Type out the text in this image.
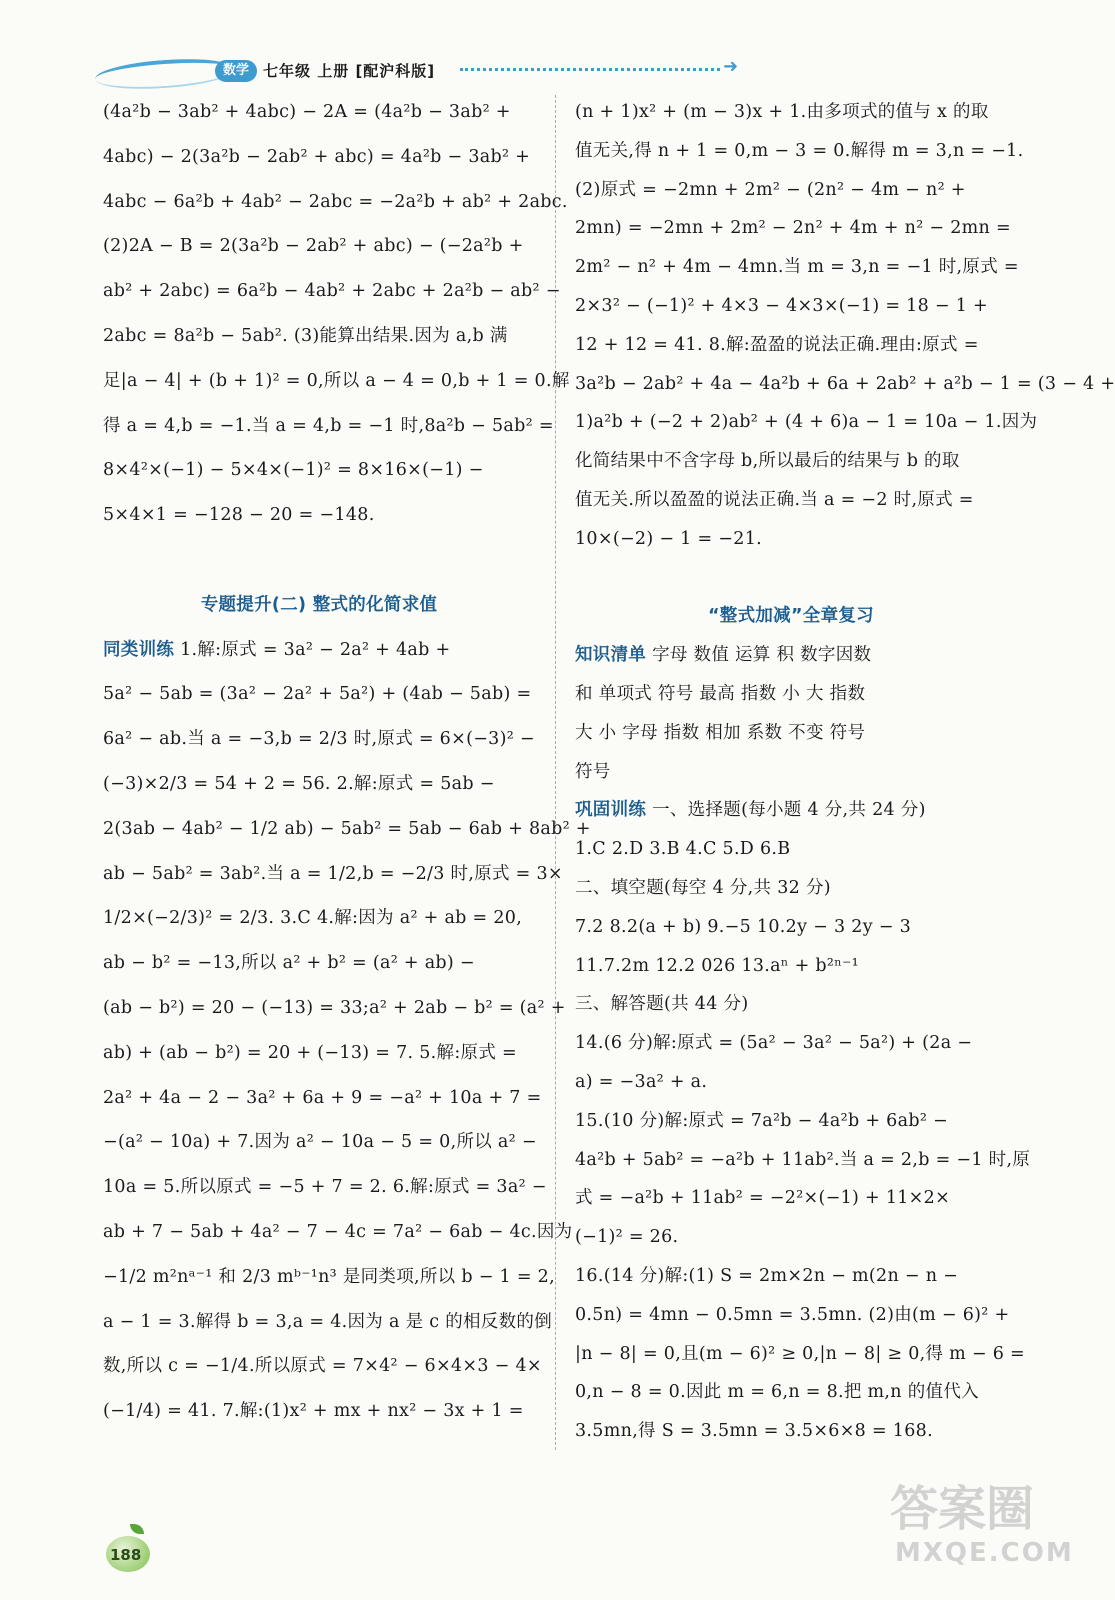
数学 七年级 上册 [配沪科版]	➜
(4a²b − 3ab² + 4abc) − 2A = (4a²b − 3ab² +
4abc) − 2(3a²b − 2ab² + abc) = 4a²b − 3ab² +
4abc − 6a²b + 4ab² − 2abc = −2a²b + ab² + 2abc.
(2)2A − B = 2(3a²b − 2ab² + abc) − (−2a²b +
ab² + 2abc) = 6a²b − 4ab² + 2abc + 2a²b − ab² −
2abc = 8a²b − 5ab². (3)能算出结果.因为 a,b 满
足|a − 4| + (b + 1)² = 0,所以 a − 4 = 0,b + 1 = 0.解
得 a = 4,b = −1.当 a = 4,b = −1 时,8a²b − 5ab² =
8×4²×(−1) − 5×4×(−1)² = 8×16×(−1) −
5×4×1 = −128 − 20 = −148.
专题提升(二) 整式的化简求值
同类训练 1.解:原式 = 3a² − 2a² + 4ab +
5a² − 5ab = (3a² − 2a² + 5a²) + (4ab − 5ab) =
6a² − ab.当 a = −3,b = 2/3 时,原式 = 6×(−3)² −
(−3)×2/3 = 54 + 2 = 56. 2.解:原式 = 5ab −
2(3ab − 4ab² − 1/2 ab) − 5ab² = 5ab − 6ab + 8ab² +
ab − 5ab² = 3ab².当 a = 1/2,b = −2/3 时,原式 = 3×
1/2×(−2/3)² = 2/3. 3.C 4.解:因为 a² + ab = 20,
ab − b² = −13,所以 a² + b² = (a² + ab) −
(ab − b²) = 20 − (−13) = 33;a² + 2ab − b² = (a² +
ab) + (ab − b²) = 20 + (−13) = 7. 5.解:原式 =
2a² + 4a − 2 − 3a² + 6a + 9 = −a² + 10a + 7 =
−(a² − 10a) + 7.因为 a² − 10a − 5 = 0,所以 a² −
10a = 5.所以原式 = −5 + 7 = 2. 6.解:原式 = 3a² −
ab + 7 − 5ab + 4a² − 7 − 4c = 7a² − 6ab − 4c.因为
−1/2 m²nᵃ⁻¹ 和 2/3 mᵇ⁻¹n³ 是同类项,所以 b − 1 = 2,
a − 1 = 3.解得 b = 3,a = 4.因为 a 是 c 的相反数的倒
数,所以 c = −1/4.所以原式 = 7×4² − 6×4×3 − 4×
(−1/4) = 41. 7.解:(1)x² + mx + nx² − 3x + 1 =
(n + 1)x² + (m − 3)x + 1.由多项式的值与 x 的取
值无关,得 n + 1 = 0,m − 3 = 0.解得 m = 3,n = −1.
(2)原式 = −2mn + 2m² − (2n² − 4m − n² +
2mn) = −2mn + 2m² − 2n² + 4m + n² − 2mn =
2m² − n² + 4m − 4mn.当 m = 3,n = −1 时,原式 =
2×3² − (−1)² + 4×3 − 4×3×(−1) = 18 − 1 +
12 + 12 = 41. 8.解:盈盈的说法正确.理由:原式 =
3a²b − 2ab² + 4a − 4a²b + 6a + 2ab² + a²b − 1 = (3 − 4 +
1)a²b + (−2 + 2)ab² + (4 + 6)a − 1 = 10a − 1.因为
化简结果中不含字母 b,所以最后的结果与 b 的取
值无关.所以盈盈的说法正确.当 a = −2 时,原式 =
10×(−2) − 1 = −21.
“整式加减”全章复习
知识清单 字母 数值 运算 积 数字因数
和 单项式 符号 最高 指数 小 大 指数
大 小 字母 指数 相加 系数 不变 符号
符号
巩固训练 一、选择题(每小题 4 分,共 24 分)
1.C 2.D 3.B 4.C 5.D 6.B
二、填空题(每空 4 分,共 32 分)
7.2 8.2(a + b) 9.−5 10.2y − 3 2y − 3
11.7.2m 12.2 026 13.aⁿ + b²ⁿ⁻¹
三、解答题(共 44 分)
14.(6 分)解:原式 = (5a² − 3a² − 5a²) + (2a −
a) = −3a² + a.
15.(10 分)解:原式 = 7a²b − 4a²b + 6ab² −
4a²b + 5ab² = −a²b + 11ab².当 a = 2,b = −1 时,原
式 = −a²b + 11ab² = −2²×(−1) + 11×2×
(−1)² = 26.
16.(14 分)解:(1) S = 2m×2n − m(2n − n −
0.5n) = 4mn − 0.5mn = 3.5mn. (2)由(m − 6)² +
|n − 8| = 0,且(m − 6)² ≥ 0,|n − 8| ≥ 0,得 m − 6 =
0,n − 8 = 0.因此 m = 6,n = 8.把 m,n 的值代入
3.5mn,得 S = 3.5mn = 3.5×6×8 = 168.
188
答案圈
MXQE.COM
